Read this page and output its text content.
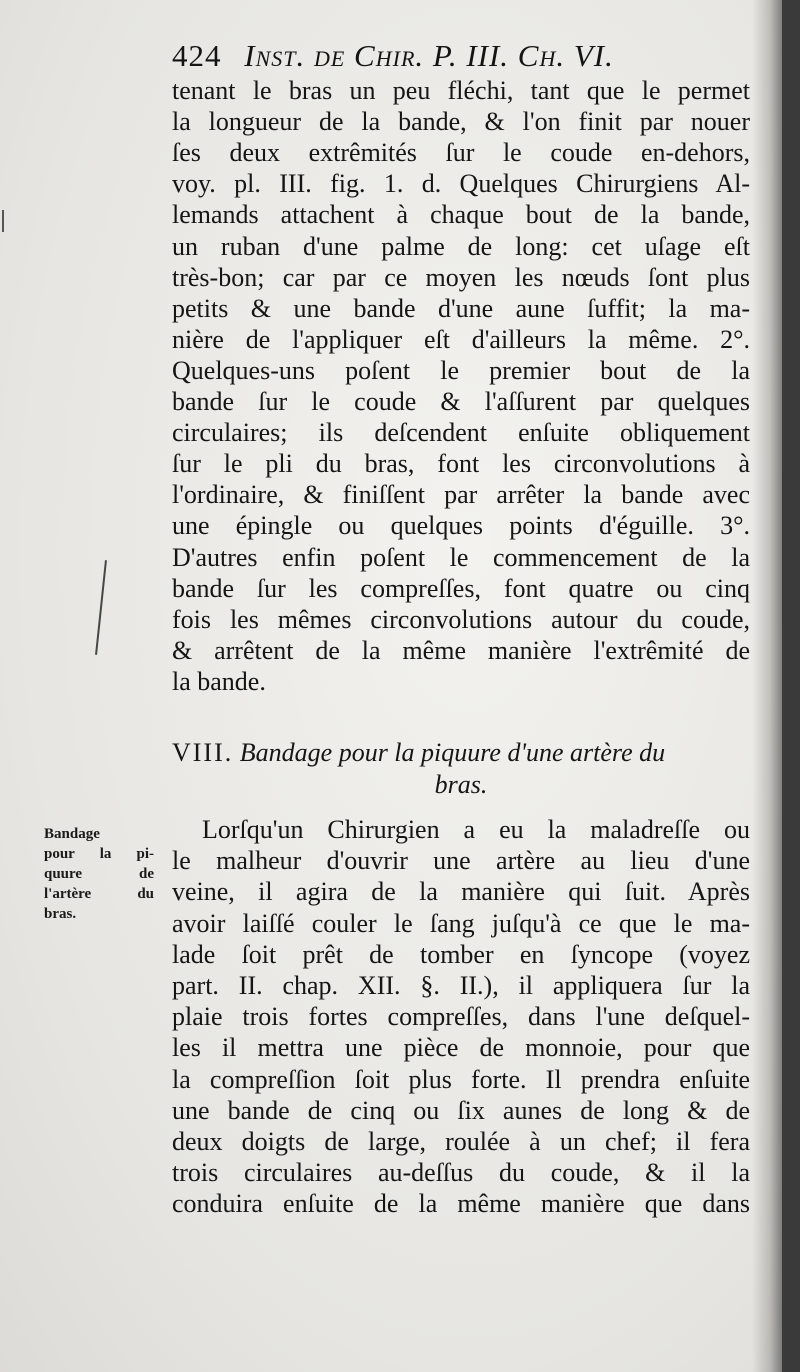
424 Inst. de Chir. P. III. Ch. VI.
tenant le bras un peu fléchi, tant que le permet
la longueur de la bande, & l'on finit par nouer
ſes deux extrêmités ſur le coude en-dehors,
voy. pl. III. fig. 1. d. Quelques Chirurgiens Al-
lemands attachent à chaque bout de la bande,
un ruban d'une palme de long: cet uſage eſt
très-bon; car par ce moyen les nœuds ſont plus
petits & une bande d'une aune ſuffit; la ma-
nière de l'appliquer eſt d'ailleurs la même. 2°.
Quelques-uns poſent le premier bout de la
bande ſur le coude & l'aſſurent par quelques
circulaires; ils deſcendent enſuite obliquement
ſur le pli du bras, font les circonvolutions à
l'ordinaire, & finiſſent par arrêter la bande avec
une épingle ou quelques points d'éguille. 3°.
D'autres enfin poſent le commencement de la
bande ſur les compreſſes, font quatre ou cinq
fois les mêmes circonvolutions autour du coude,
& arrêtent de la même manière l'extrêmité de
la bande.
VIII. Bandage pour la piquure d'une artère du
bras.
Bandage
pour la pi-
quure de
l'artère du
bras.
Lorſqu'un Chirurgien a eu la maladreſſe ou
le malheur d'ouvrir une artère au lieu d'une
veine, il agira de la manière qui ſuit. Après
avoir laiſſé couler le ſang juſqu'à ce que le ma-
lade ſoit prêt de tomber en ſyncope (voyez
part. II. chap. XII. §. II.), il appliquera ſur la
plaie trois fortes compreſſes, dans l'une deſquel-
les il mettra une pièce de monnoie, pour que
la compreſſion ſoit plus forte. Il prendra enſuite
une bande de cinq ou ſix aunes de long & de
deux doigts de large, roulée à un chef; il fera
trois circulaires au-deſſus du coude, & il la
conduira enſuite de la même manière que dans
